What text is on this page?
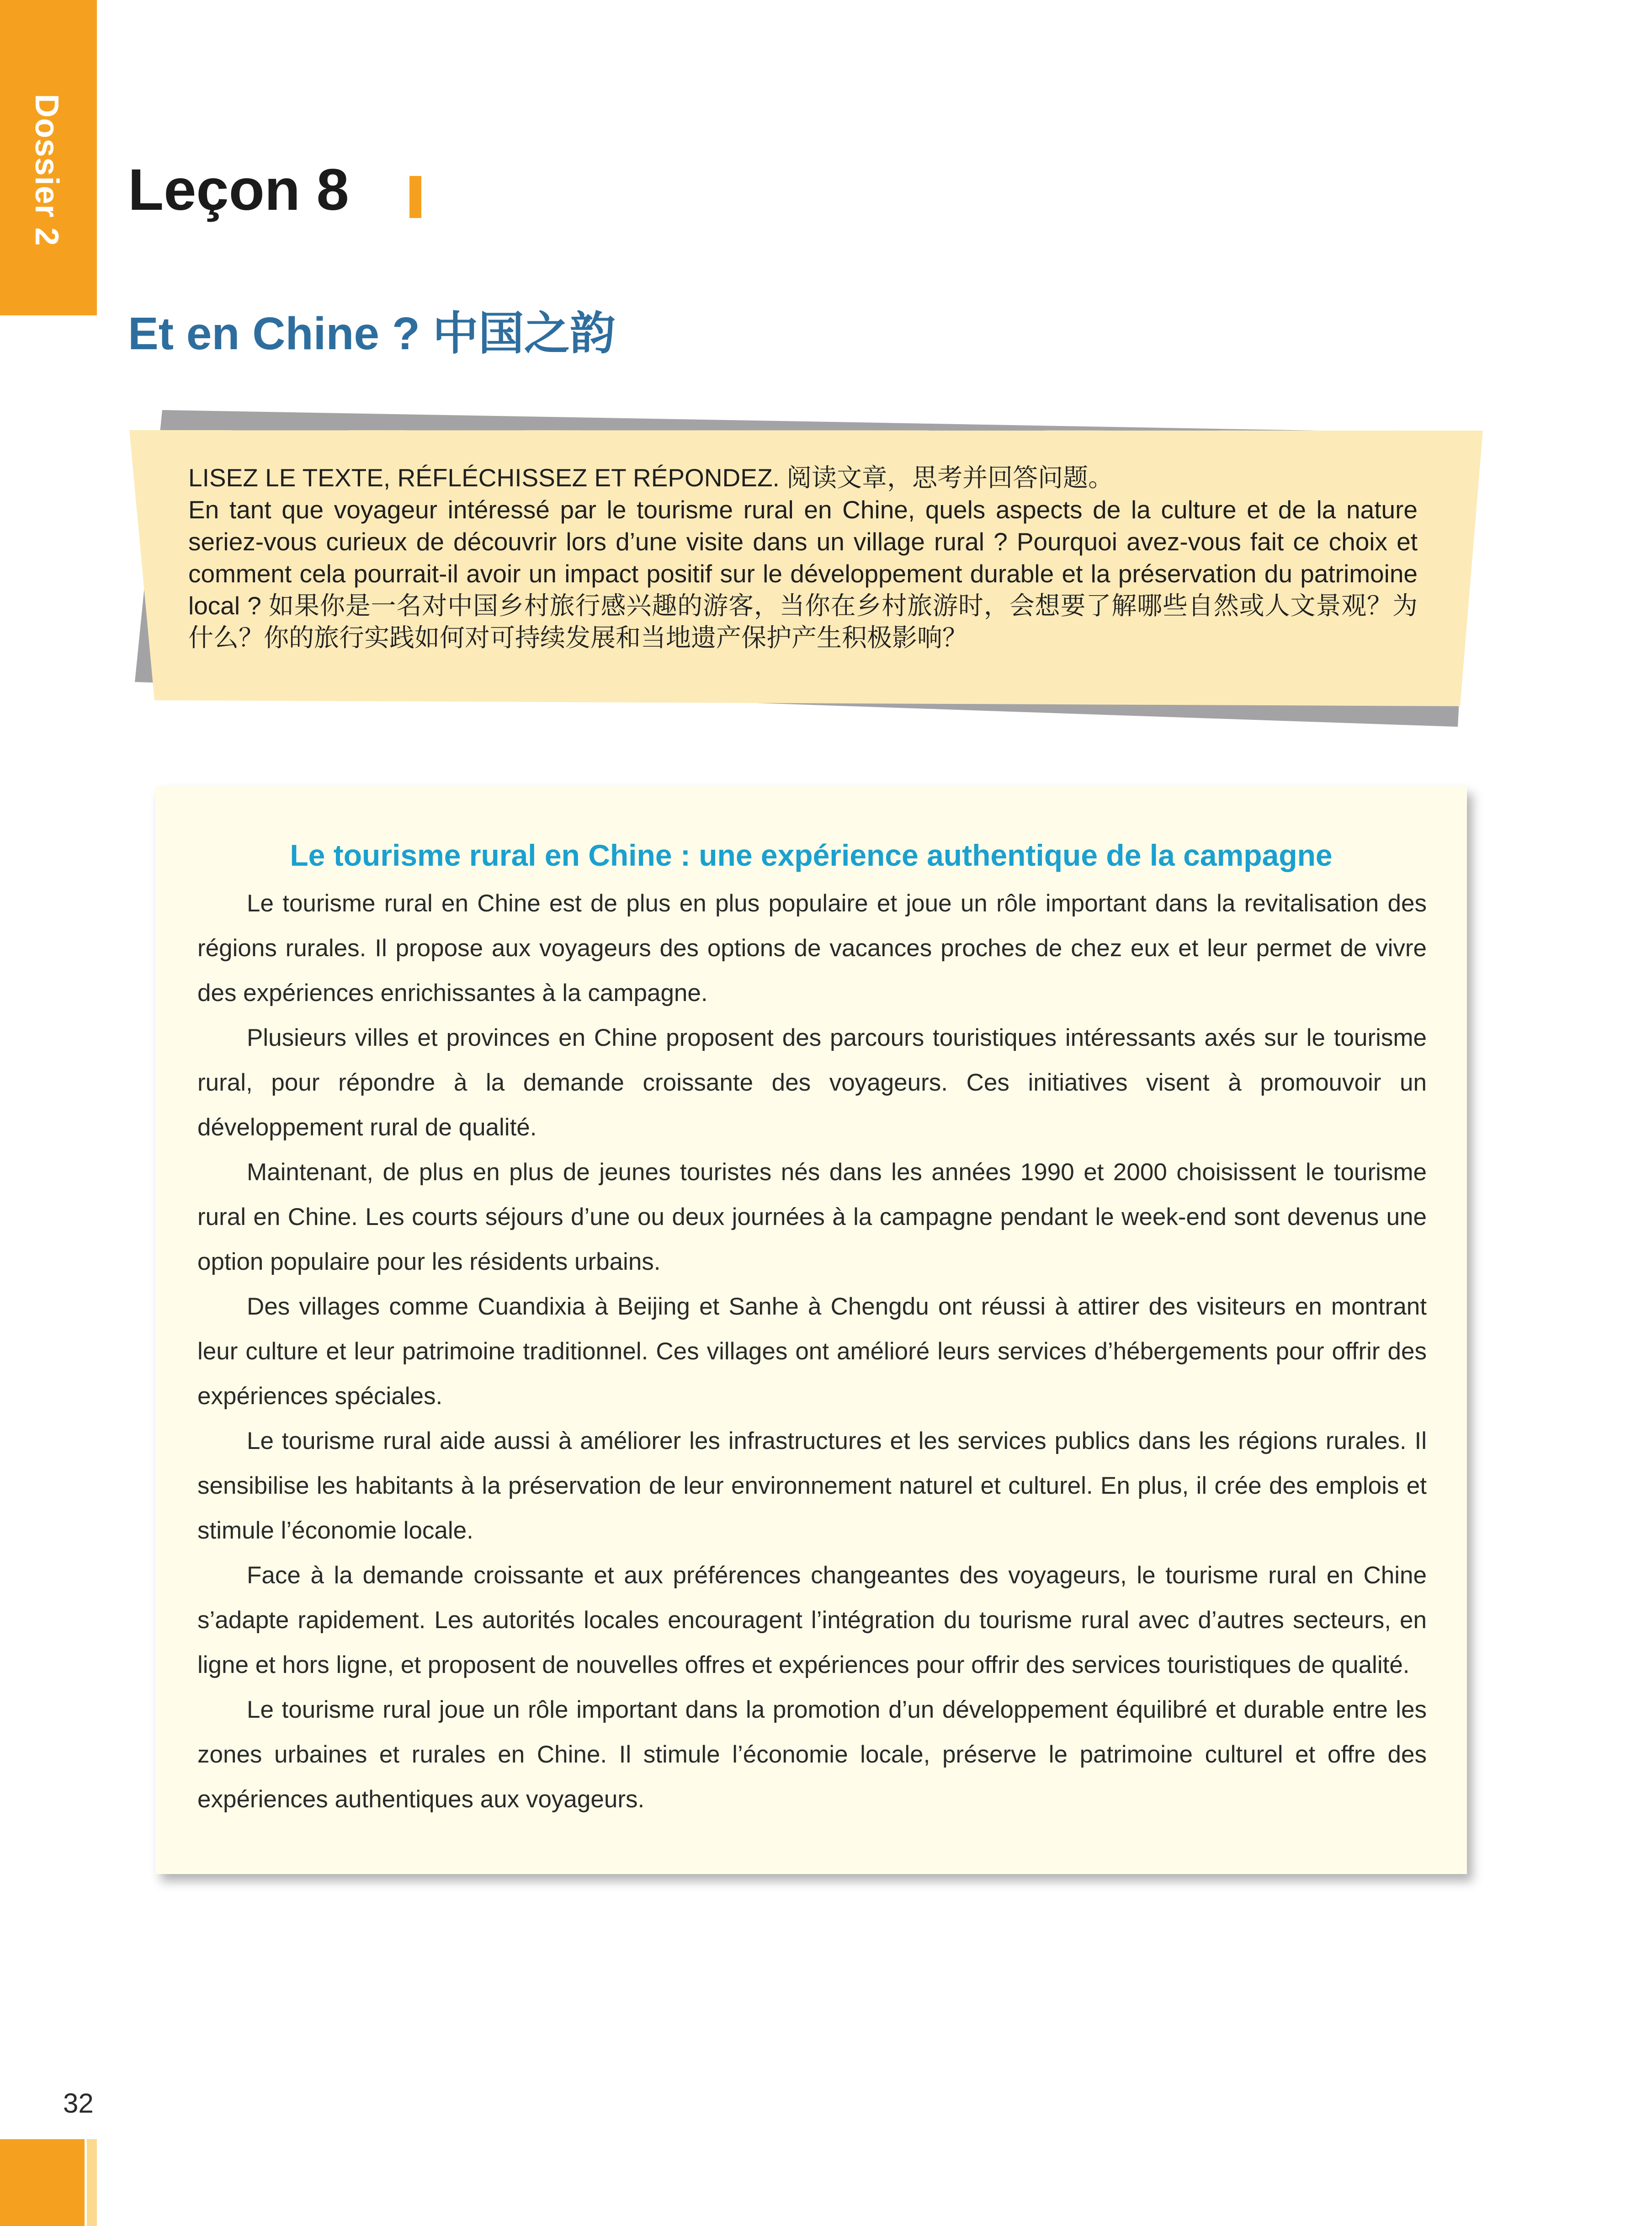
Dossier 2 Leçon 8
Et en Chine ? 中国之韵
LISEZ LE TEXTE, RÉFLÉCHISSEZ ET RÉPONDEZ. 阅读文章，思考并回答问题。
En tant que voyageur intéressé par le tourisme rural en Chine, quels aspects de la culture et de la nature seriez-vous curieux de découvrir lors d’une visite dans un village rural ? Pourquoi avez-vous fait ce choix et comment cela pourrait-il avoir un impact positif sur le développement durable et la préservation du patrimoine local ? 如果你是一名对中国乡村旅行感兴趣的游客，当你在乡村旅游时，会想要了解哪些自然或人文景观？为什么？你的旅行实践如何对可持续发展和当地遗产保护产生积极影响？
Le tourisme rural en Chine : une expérience authentique de la campagne

Le tourisme rural en Chine est de plus en plus populaire et joue un rôle important dans la revitalisation des régions rurales. Il propose aux voyageurs des options de vacances proches de chez eux et leur permet de vivre des expériences enrichissantes à la campagne.

Plusieurs villes et provinces en Chine proposent des parcours touristiques intéressants axés sur le tourisme rural, pour répondre à la demande croissante des voyageurs. Ces initiatives visent à promouvoir un développement rural de qualité.

Maintenant, de plus en plus de jeunes touristes nés dans les années 1990 et 2000 choisissent le tourisme rural en Chine. Les courts séjours d’une ou deux journées à la campagne pendant le week-end sont devenus une option populaire pour les résidents urbains.

Des villages comme Cuandixia à Beijing et Sanhe à Chengdu ont réussi à attirer des visiteurs en montrant leur culture et leur patrimoine traditionnel. Ces villages ont amélioré leurs services d’hébergements pour offrir des expériences spéciales.

Le tourisme rural aide aussi à améliorer les infrastructures et les services publics dans les régions rurales. Il sensibilise les habitants à la préservation de leur environnement naturel et culturel. En plus, il crée des emplois et stimule l’économie locale.

Face à la demande croissante et aux préférences changeantes des voyageurs, le tourisme rural en Chine s’adapte rapidement. Les autorités locales encouragent l’intégration du tourisme rural avec d’autres secteurs, en ligne et hors ligne, et proposent de nouvelles offres et expériences pour offrir des services touristiques de qualité.

Le tourisme rural joue un rôle important dans la promotion d’un développement équilibré et durable entre les zones urbaines et rurales en Chine. Il stimule l’économie locale, préserve le patrimoine culturel et offre des expériences authentiques aux voyageurs.

32
